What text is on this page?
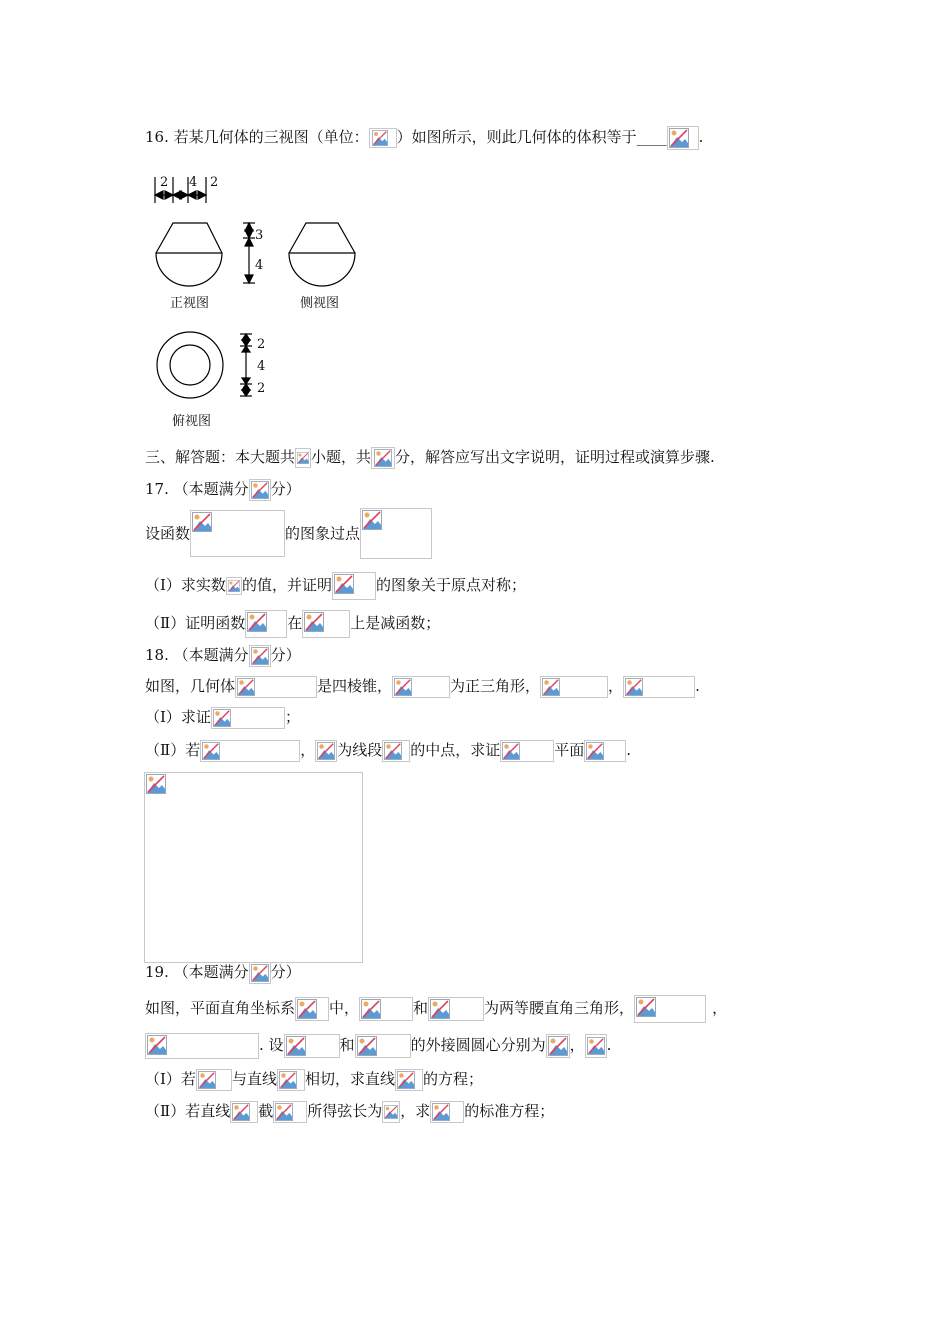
16. 若某几何体的三视图（单位： ）如图所示，则此几何体的体积等于____ .
2 4 2
3
4
2
4
2
正视图	侧视图
俯视图
三、解答题：本大题共 小题，共 分，解答应写出文字说明，证明过程或演算步骤.
17. （本题满分 分）
设函数	的图象过点
（Ⅰ）求实数 的值，并证明	的图象关于原点对称；
（Ⅱ）证明函数	在	上是减函数；
18. （本题满分 分）
如图，几何体	是四棱锥，	为正三角形，	，	.
（Ⅰ）求证	；
（Ⅱ）若	， 为线段 的中点，求证	平面	.
19. （本题满分 分）
如图，平面直角坐标系 中，	和	为两等腰直角三角形，	，
. 设	和	的外接圆圆心分别为 ， .
（Ⅰ）若 与直线 相切，求直线 的方程；
（Ⅱ）若直线 截 所得弦长为 ，求 的标准方程；
